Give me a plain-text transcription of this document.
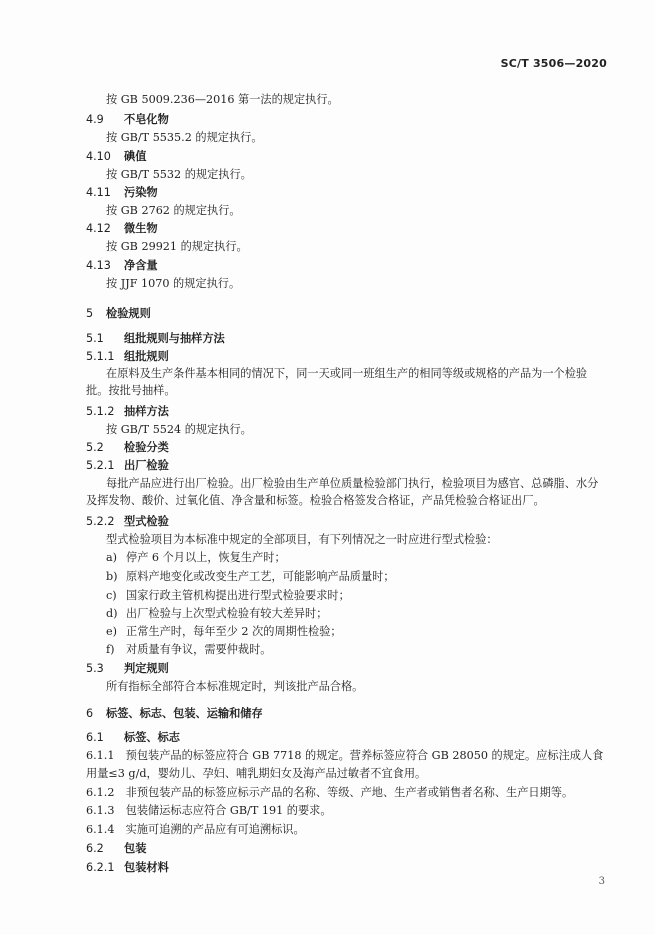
SC/T 3506—2020
按 GB 5009.236—2016 第一法的规定执行。
4.9 不皂化物
按 GB/T 5535.2 的规定执行。
4.10 碘值
按 GB/T 5532 的规定执行。
4.11 污染物
按 GB 2762 的规定执行。
4.12 微生物
按 GB 29921 的规定执行。
4.13 净含量
按 JJF 1070 的规定执行。
5 检验规则
5.1 组批规则与抽样方法
5.1.1 组批规则
在原料及生产条件基本相同的情况下，同一天或同一班组生产的相同等级或规格的产品为一个检验
批。按批号抽样。
5.1.2 抽样方法
按 GB/T 5524 的规定执行。
5.2 检验分类
5.2.1 出厂检验
每批产品应进行出厂检验。出厂检验由生产单位质量检验部门执行，检验项目为感官、总磷脂、水分
及挥发物、酸价、过氧化值、净含量和标签。检验合格签发合格证，产品凭检验合格证出厂。
5.2.2 型式检验
型式检验项目为本标准中规定的全部项目，有下列情况之一时应进行型式检验：
a) 停产 6 个月以上，恢复生产时；
b) 原料产地变化或改变生产工艺，可能影响产品质量时；
c) 国家行政主管机构提出进行型式检验要求时；
d) 出厂检验与上次型式检验有较大差异时；
e) 正常生产时，每年至少 2 次的周期性检验；
f) 对质量有争议，需要仲裁时。
5.3 判定规则
所有指标全部符合本标准规定时，判该批产品合格。
6 标签、标志、包装、运输和储存
6.1 标签、标志
6.1.1　预包装产品的标签应符合 GB 7718 的规定。营养标签应符合 GB 28050 的规定。应标注成人食
用量≤3 g/d，婴幼儿、孕妇、哺乳期妇女及海产品过敏者不宜食用。
6.1.2　非预包装产品的标签应标示产品的名称、等级、产地、生产者或销售者名称、生产日期等。
6.1.3　包装储运标志应符合 GB/T 191 的要求。
6.1.4　实施可追溯的产品应有可追溯标识。
6.2 包装
6.2.1 包装材料
3
